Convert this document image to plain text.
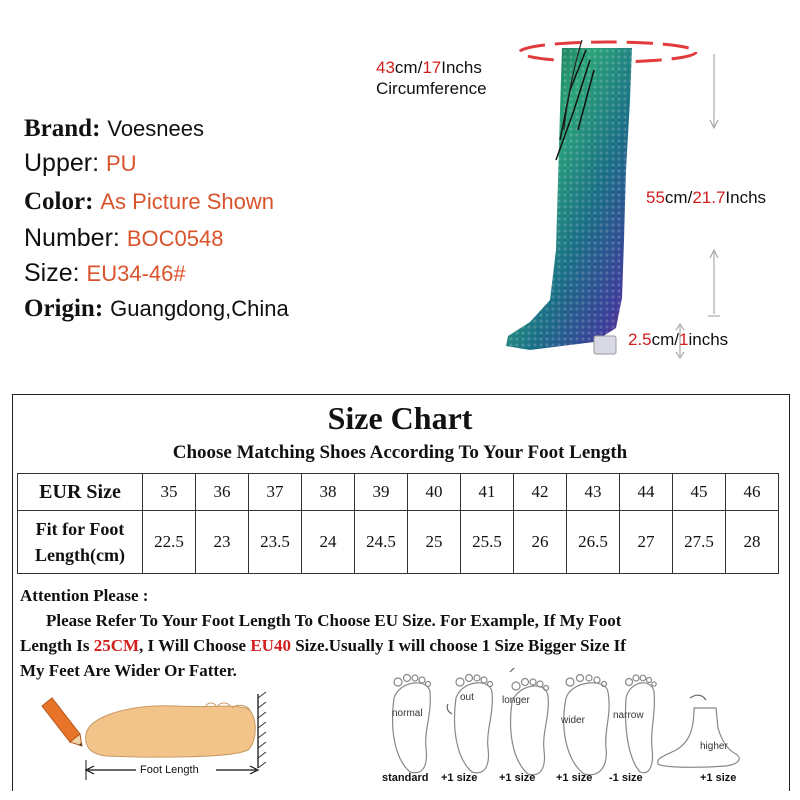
Brand: Voesnees
Upper: PU
Color: As Picture Shown
Number: BOC0548
Size: EU34-46#
Origin: Guangdong,China
43cm/17Inchs
Circumference
55cm/21.7Inchs
2.5cm/1inchs
Size Chart
Choose Matching Shoes According To Your Foot Length
EUR Size	35	36	37	38	39	40	41	42	43	44	45	46

Fit for Foot
Length(cm)	22.5	23	23.5	24	24.5	25	25.5	26	26.5	27	27.5	28
Attention Please :
Please Refer To Your Foot Length To Choose EU Size. For Example, If My Foot
Length Is 25CM, I Will Choose EU40 Size.Usually I will choose 1 Size Bigger Size If
My Feet Are Wider Or Fatter.
Foot Length
normal
out	longer
wider	narrow
higher
standard +1 size +1 size +1 size -1 size	+1 size
